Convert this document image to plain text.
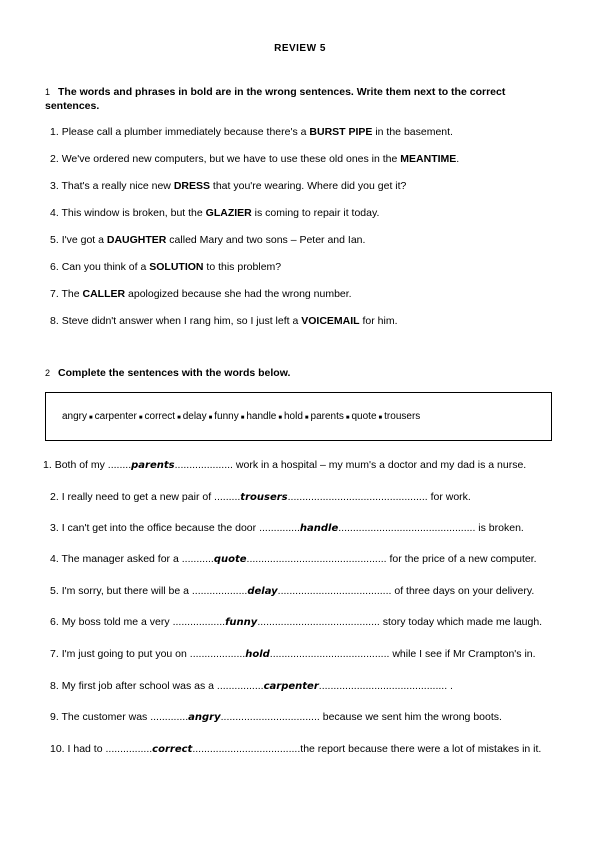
REVIEW 5
1 The words and phrases in bold are in the wrong sentences. Write them next to the correct sentences.
1. Please call a plumber immediately because there's a BURST PIPE in the basement.
2. We've ordered new computers, but we have to use these old ones in the MEANTIME.
3. That's a really nice new DRESS that you're wearing. Where did you get it?
4. This window is broken, but the GLAZIER is coming to repair it today.
5. I've got a DAUGHTER called Mary and two sons – Peter and Ian.
6. Can you think of a SOLUTION to this problem?
7. The CALLER apologized because she had the wrong number.
8. Steve didn't answer when I rang him, so I just left a VOICEMAIL for him.
2 Complete the sentences with the words below.
angry ■ carpenter ■ correct ■ delay ■ funny ■ handle ■ hold ■ parents ■ quote ■ trousers
1. Both of my ........parents.................... work in a hospital – my mum's a doctor and my dad is a nurse.
2. I really need to get a new pair of .........trousers................................................ for work.
3. I can't get into the office because the door ..............handle............................................... is broken.
4. The manager asked for a ...........quote................................................ for the price of a new computer.
5. I'm sorry, but there will be a ...................delay....................................... of three days on your delivery.
6. My boss told me a very ..................funny.......................................... story today which made me laugh.
7. I'm just going to put you on ...................hold......................................... while I see if Mr Crampton's in.
8. My first job after school was as a ................carpenter............................................ .
9. The customer was .............angry.................................. because we sent him the wrong boots.
10. I had to ................correct.....................................the report because there were a lot of mistakes in it.
